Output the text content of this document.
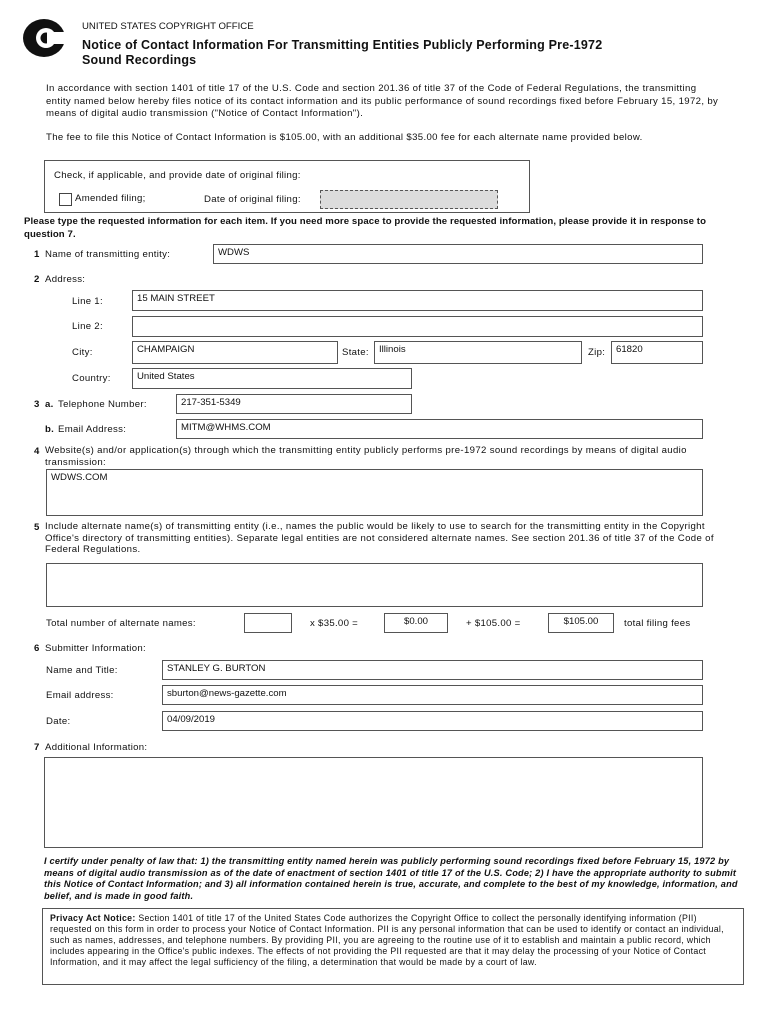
UNITED STATES COPYRIGHT OFFICE
Notice of Contact Information For Transmitting Entities Publicly Performing Pre-1972
Sound Recordings
In accordance with section 1401 of title 17 of the U.S. Code and section 201.36 of title 37 of the Code of Federal Regulations, the transmitting entity named below hereby files notice of its contact information and its public performance of sound recordings fixed before February 15, 1972, by means of digital audio transmission ("Notice of Contact Information").
The fee to file this Notice of Contact Information is $105.00, with an additional $35.00 fee for each alternate name provided below.
Check, if applicable, and provide date of original filing:
Amended filing;	Date of original filing:
Please type the requested information for each item. If you need more space to provide the requested information, please provide it in response to question 7.
1 Name of transmitting entity:	WDWS
2 Address:
Line 1:	15 MAIN STREET
Line 2:
City:	CHAMPAIGN	State:	Illinois	Zip:	61820
Country:	United States
3 a. Telephone Number:	217-351-5349
b. Email Address:	MITM@WHMS.COM
4 Website(s) and/or application(s) through which the transmitting entity publicly performs pre-1972 sound recordings by means of digital audio transmission:
WDWS.COM
5 Include alternate name(s) of transmitting entity (i.e., names the public would be likely to use to search for the transmitting entity in the Copyright Office's directory of transmitting entities). Separate legal entities are not considered alternate names. See section 201.36 of title 37 of the Code of Federal Regulations.
Total number of alternate names:	x $35.00 =	$0.00	+ $105.00 =	$105.00	total filing fees
6 Submitter Information:
Name and Title:	STANLEY G. BURTON
Email address:	sburton@news-gazette.com
Date:	04/09/2019
7 Additional Information:
I certify under penalty of law that: 1) the transmitting entity named herein was publicly performing sound recordings fixed before February 15, 1972 by means of digital audio transmission as of the date of enactment of section 1401 of title 17 of the U.S. Code; 2) I have the appropriate authority to submit this Notice of Contact Information; and 3) all information contained herein is true, accurate, and complete to the best of my knowledge, information, and belief, and is made in good faith.
Privacy Act Notice: Section 1401 of title 17 of the United States Code authorizes the Copyright Office to collect the personally identifying information (PII) requested on this form in order to process your Notice of Contact Information. PII is any personal information that can be used to identify or contact an individual, such as names, addresses, and telephone numbers. By providing PII, you are agreeing to the routine use of it to establish and maintain a public record, which includes appearing in the Office's public indexes. The effects of not providing the PII requested are that it may delay the processing of your Notice of Contact Information, and it may affect the legal sufficiency of the filing, a determination that would be made by a court of law.
